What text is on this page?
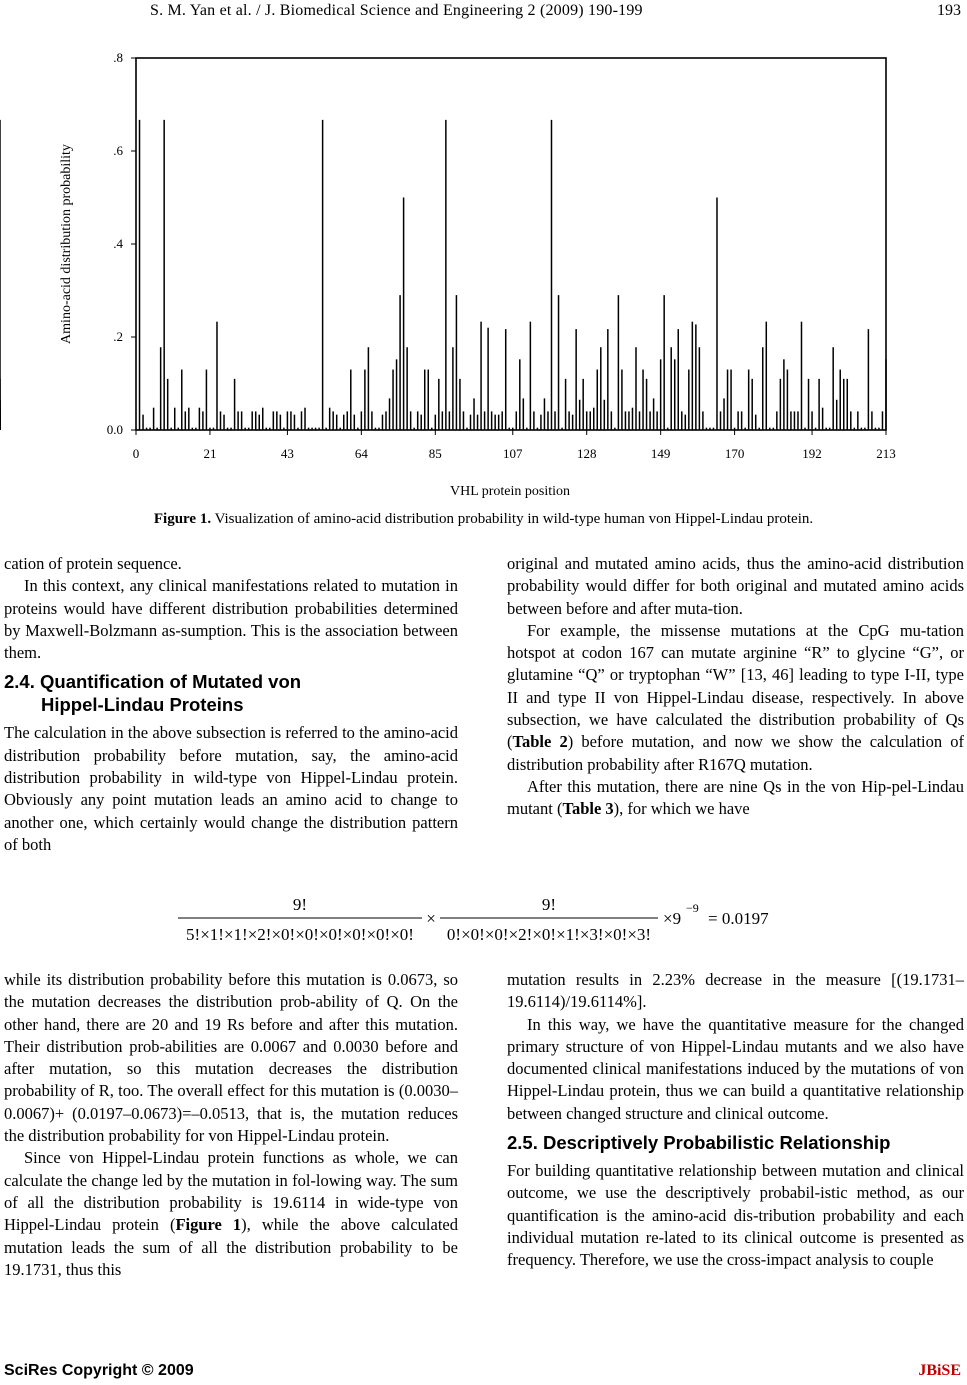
S. M. Yan et al. / J. Biomedical Science and Engineering 2 (2009) 190-199	193
.8
.6
.4
.2
0.0
0	21	43	64	85	107	128	149	170	192	213
Amino-acid distribution probability
VHL protein position
Figure 1. Visualization of amino-acid distribution probability in wild-type human von Hippel-Lindau protein.

cation of protein sequence.

In this context, any clinical manifestations related to mutation in proteins would have different distribution probabilities determined by Maxwell-Bolzmann as-sumption. This is the association between them.

2.4. Quantification of Mutated von
Hippel-Lindau Proteins

The calculation in the above subsection is referred to the amino-acid distribution probability before mutation, say, the amino-acid distribution probability in wild-type von Hippel-Lindau protein. Obviously any point mutation leads an amino acid to change to another one, which certainly would change the distribution pattern of both

original and mutated amino acids, thus the amino-acid distribution probability would differ for both original and mutated amino acids between before and after muta-tion.

For example, the missense mutations at the CpG mu-tation hotspot at codon 167 can mutate arginine “R” to glycine “G”, or glutamine “Q” or tryptophan “W” [13, 46] leading to type I-II, type II and type II von Hippel-Lindau disease, respectively. In above subsection, we have calculated the distribution probability of Qs (Table 2) before mutation, and now we show the calculation of distribution probability after R167Q mutation.

After this mutation, there are nine Qs in the von Hip-pel-Lindau mutant (Table 3), for which we have

9!
5!×1!×1!×2!×0!×0!×0!×0!×0!×0!
×
9!
0!×0!×0!×2!×0!×1!×3!×0!×3!
×9
−9
= 0.0197

while its distribution probability before this mutation is 0.0673, so the mutation decreases the distribution prob-ability of Q. On the other hand, there are 20 and 19 Rs before and after this mutation. Their distribution prob-abilities are 0.0067 and 0.0030 before and after mutation, so this mutation decreases the distribution probability of R, too. The overall effect for this mutation is (0.0030–0.0067)+ (0.0197–0.0673)=–0.0513, that is, the mutation reduces the distribution probability for von Hippel-Lindau protein.

Since von Hippel-Lindau protein functions as whole, we can calculate the change led by the mutation in fol-lowing way. The sum of all the distribution probability is 19.6114 in wide-type von Hippel-Lindau protein (Figure 1), while the above calculated mutation leads the sum of all the distribution probability to be 19.1731, thus this

mutation results in 2.23% decrease in the measure [(19.1731–19.6114)/19.6114%].

In this way, we have the quantitative measure for the changed primary structure of von Hippel-Lindau mutants and we also have documented clinical manifestations induced by the mutations of von Hippel-Lindau protein, thus we can build a quantitative relationship between changed structure and clinical outcome.

2.5. Descriptively Probabilistic Relationship

For building quantitative relationship between mutation and clinical outcome, we use the descriptively probabil-istic method, as our quantification is the amino-acid dis-tribution probability and each individual mutation re-lated to its clinical outcome is presented as frequency. Therefore, we use the cross-impact analysis to couple

SciRes Copyright © 2009	JBiSE
